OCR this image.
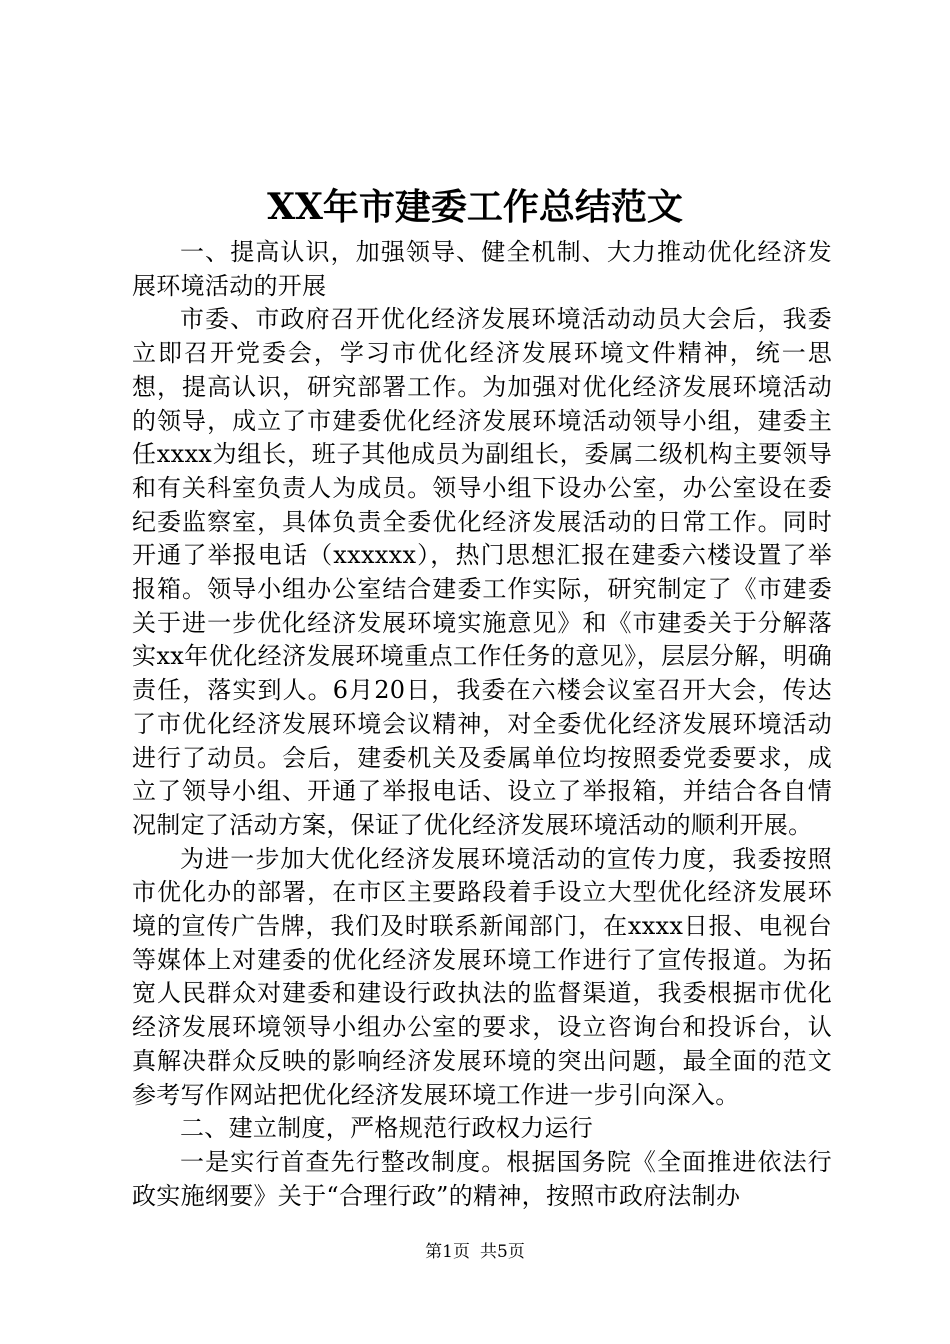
XX年市建委工作总结范文

一、提高认识，加强领导、健全机制、大力推动优化经济发展环境活动的开展

市委、市政府召开优化经济发展环境活动动员大会后，我委立即召开党委会，学习市优化经济发展环境文件精神，统一思想，提高认识，研究部署工作。为加强对优化经济发展环境活动的领导，成立了市建委优化经济发展环境活动领导小组，建委主任xxxx为组长，班子其他成员为副组长，委属二级机构主要领导和有关科室负责人为成员。领导小组下设办公室，办公室设在委纪委监察室，具体负责全委优化经济发展活动的日常工作。同时开通了举报电话（xxxxxx），热门思想汇报在建委六楼设置了举报箱。领导小组办公室结合建委工作实际，研究制定了《市建委关于进一步优化经济发展环境实施意见》和《市建委关于分解落实xx年优化经济发展环境重点工作任务的意见》，层层分解，明确责任，落实到人。6月20日，我委在六楼会议室召开大会，传达了市优化经济发展环境会议精神，对全委优化经济发展环境活动进行了动员。会后，建委机关及委属单位均按照委党委要求，成立了领导小组、开通了举报电话、设立了举报箱，并结合各自情况制定了活动方案，保证了优化经济发展环境活动的顺利开展。

为进一步加大优化经济发展环境活动的宣传力度，我委按照市优化办的部署，在市区主要路段着手设立大型优化经济发展环境的宣传广告牌，我们及时联系新闻部门，在xxxx日报、电视台等媒体上对建委的优化经济发展环境工作进行了宣传报道。为拓宽人民群众对建委和建设行政执法的监督渠道，我委根据市优化经济发展环境领导小组办公室的要求，设立咨询台和投诉台，认真解决群众反映的影响经济发展环境的突出问题，最全面的范文参考写作网站把优化经济发展环境工作进一步引向深入。

二、建立制度，严格规范行政权力运行

一是实行首查先行整改制度。根据国务院《全面推进依法行政实施纲要》关于“合理行政”的精神，按照市政府法制办

第1页 共5页
